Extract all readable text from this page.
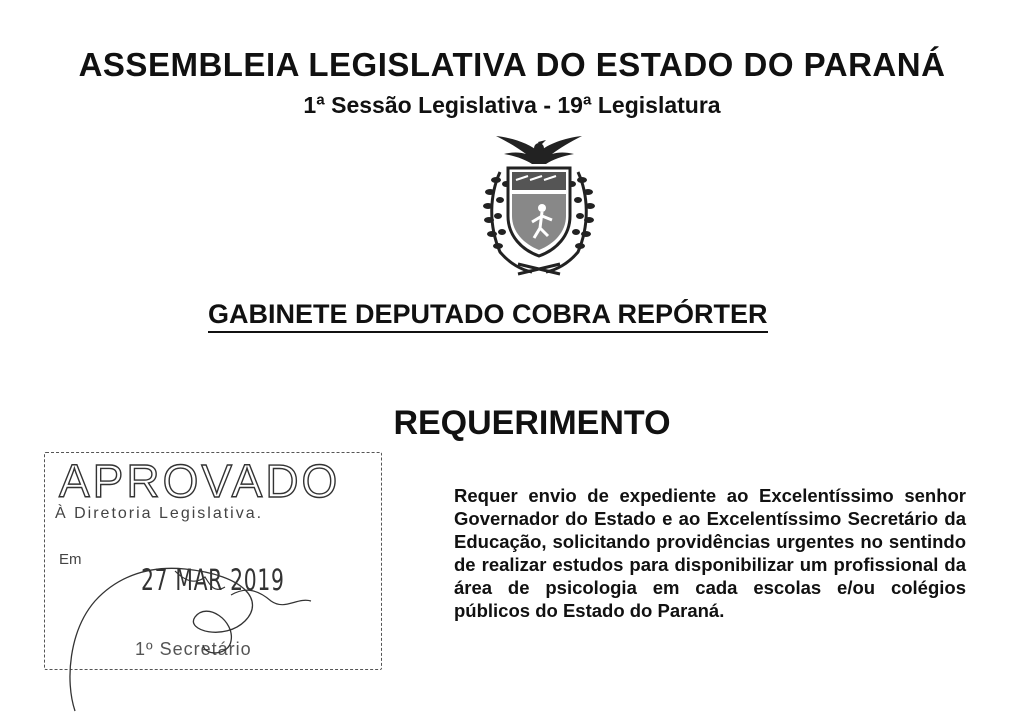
ASSEMBLEIA LEGISLATIVA DO ESTADO DO PARANÁ
1ª Sessão Legislativa - 19ª Legislatura
GABINETE DEPUTADO COBRA REPÓRTER
REQUERIMENTO
APROVADO
À Diretoria Legislativa.
Em
27 MAR 2019
1º Secretário
Requer envio de expediente ao Excelentíssimo senhor Governador do Estado e ao Excelentíssimo Secretário da Educação, solicitando providências urgentes no sentindo de realizar estudos para disponibilizar um profissional da área de psicologia em cada escolas e/ou colégios públicos do Estado do Paraná.
